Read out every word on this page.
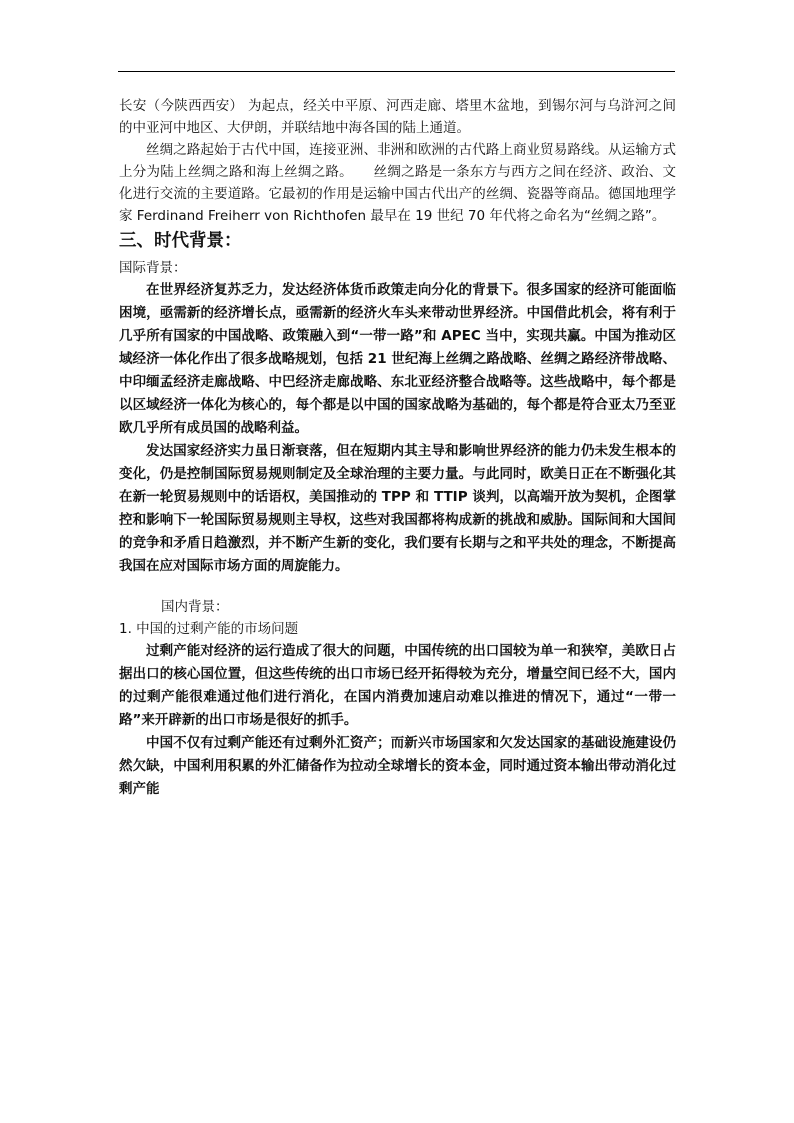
长安（今陕西西安） 为起点，经关中平原、河西走廊、塔里木盆地，到锡尔河与乌浒河之间的中亚河中地区、大伊朗，并联结地中海各国的陆上通道。

丝绸之路起始于古代中国，连接亚洲、非洲和欧洲的古代路上商业贸易路线。从运输方式上分为陆上丝绸之路和海上丝绸之路。　　丝绸之路是一条东方与西方之间在经济、政治、文化进行交流的主要道路。它最初的作用是运输中国古代出产的丝绸、瓷器等商品。德国地理学家 Ferdinand Freiherr von Richthofen 最早在 19 世纪 70 年代将之命名为“丝绸之路”。

三、时代背景：

国际背景：

在世界经济复苏乏力，发达经济体货币政策走向分化的背景下。很多国家的经济可能面临困境，亟需新的经济增长点，亟需新的经济火车头来带动世界经济。中国借此机会，将有利于几乎所有国家的中国战略、政策融入到“一带一路”和 APEC 当中，实现共赢。中国为推动区域经济一体化作出了很多战略规划，包括 21 世纪海上丝绸之路战略、丝绸之路经济带战略、中印缅孟经济走廊战略、中巴经济走廊战略、东北亚经济整合战略等。这些战略中，每个都是以区域经济一体化为核心的，每个都是以中国的国家战略为基础的，每个都是符合亚太乃至亚欧几乎所有成员国的战略利益。

发达国家经济实力虽日渐衰落，但在短期内其主导和影响世界经济的能力仍未发生根本的变化，仍是控制国际贸易规则制定及全球治理的主要力量。与此同时，欧美日正在不断强化其在新一轮贸易规则中的话语权，美国推动的 TPP 和 TTIP 谈判，以高端开放为契机，企图掌控和影响下一轮国际贸易规则主导权，这些对我国都将构成新的挑战和威胁。国际间和大国间的竞争和矛盾日趋激烈，并不断产生新的变化，我们要有长期与之和平共处的理念，不断提高我国在应对国际市场方面的周旋能力。

国内背景：

1. 中国的过剩产能的市场问题

过剩产能对经济的运行造成了很大的问题，中国传统的出口国较为单一和狭窄，美欧日占据出口的核心国位置，但这些传统的出口市场已经开拓得较为充分，增量空间已经不大，国内的过剩产能很难通过他们进行消化，在国内消费加速启动难以推进的情况下，通过“一带一路”来开辟新的出口市场是很好的抓手。

中国不仅有过剩产能还有过剩外汇资产；而新兴市场国家和欠发达国家的基础设施建设仍然欠缺，中国利用积累的外汇储备作为拉动全球增长的资本金，同时通过资本输出带动消化过剩产能
